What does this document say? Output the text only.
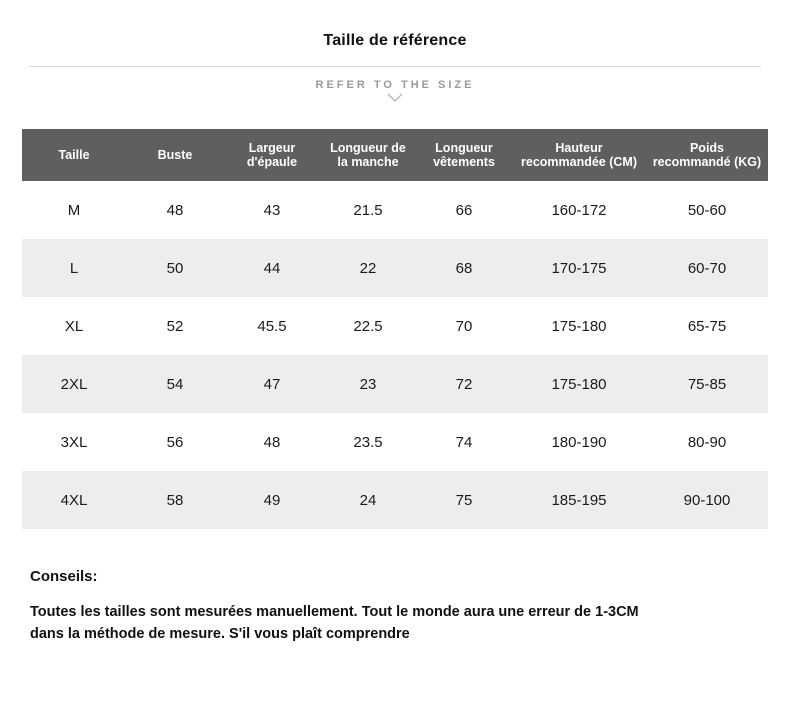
Taille de référence
REFER TO THE SIZE
Taille	Buste	Largeur d'épaule	Longueur de la manche	Longueur vêtements	Hauteur recommandée (CM)	Poids recommandé (KG)
M	48	43	21.5	66	160-172	50-60
L	50	44	22	68	170-175	60-70
XL	52	45.5	22.5	70	175-180	65-75
2XL	54	47	23	72	175-180	75-85
3XL	56	48	23.5	74	180-190	80-90
4XL	58	49	24	75	185-195	90-100
Conseils:
Toutes les tailles sont mesurées manuellement. Tout le monde aura une erreur de 1-3CM dans la méthode de mesure. S'il vous plaît comprendre
